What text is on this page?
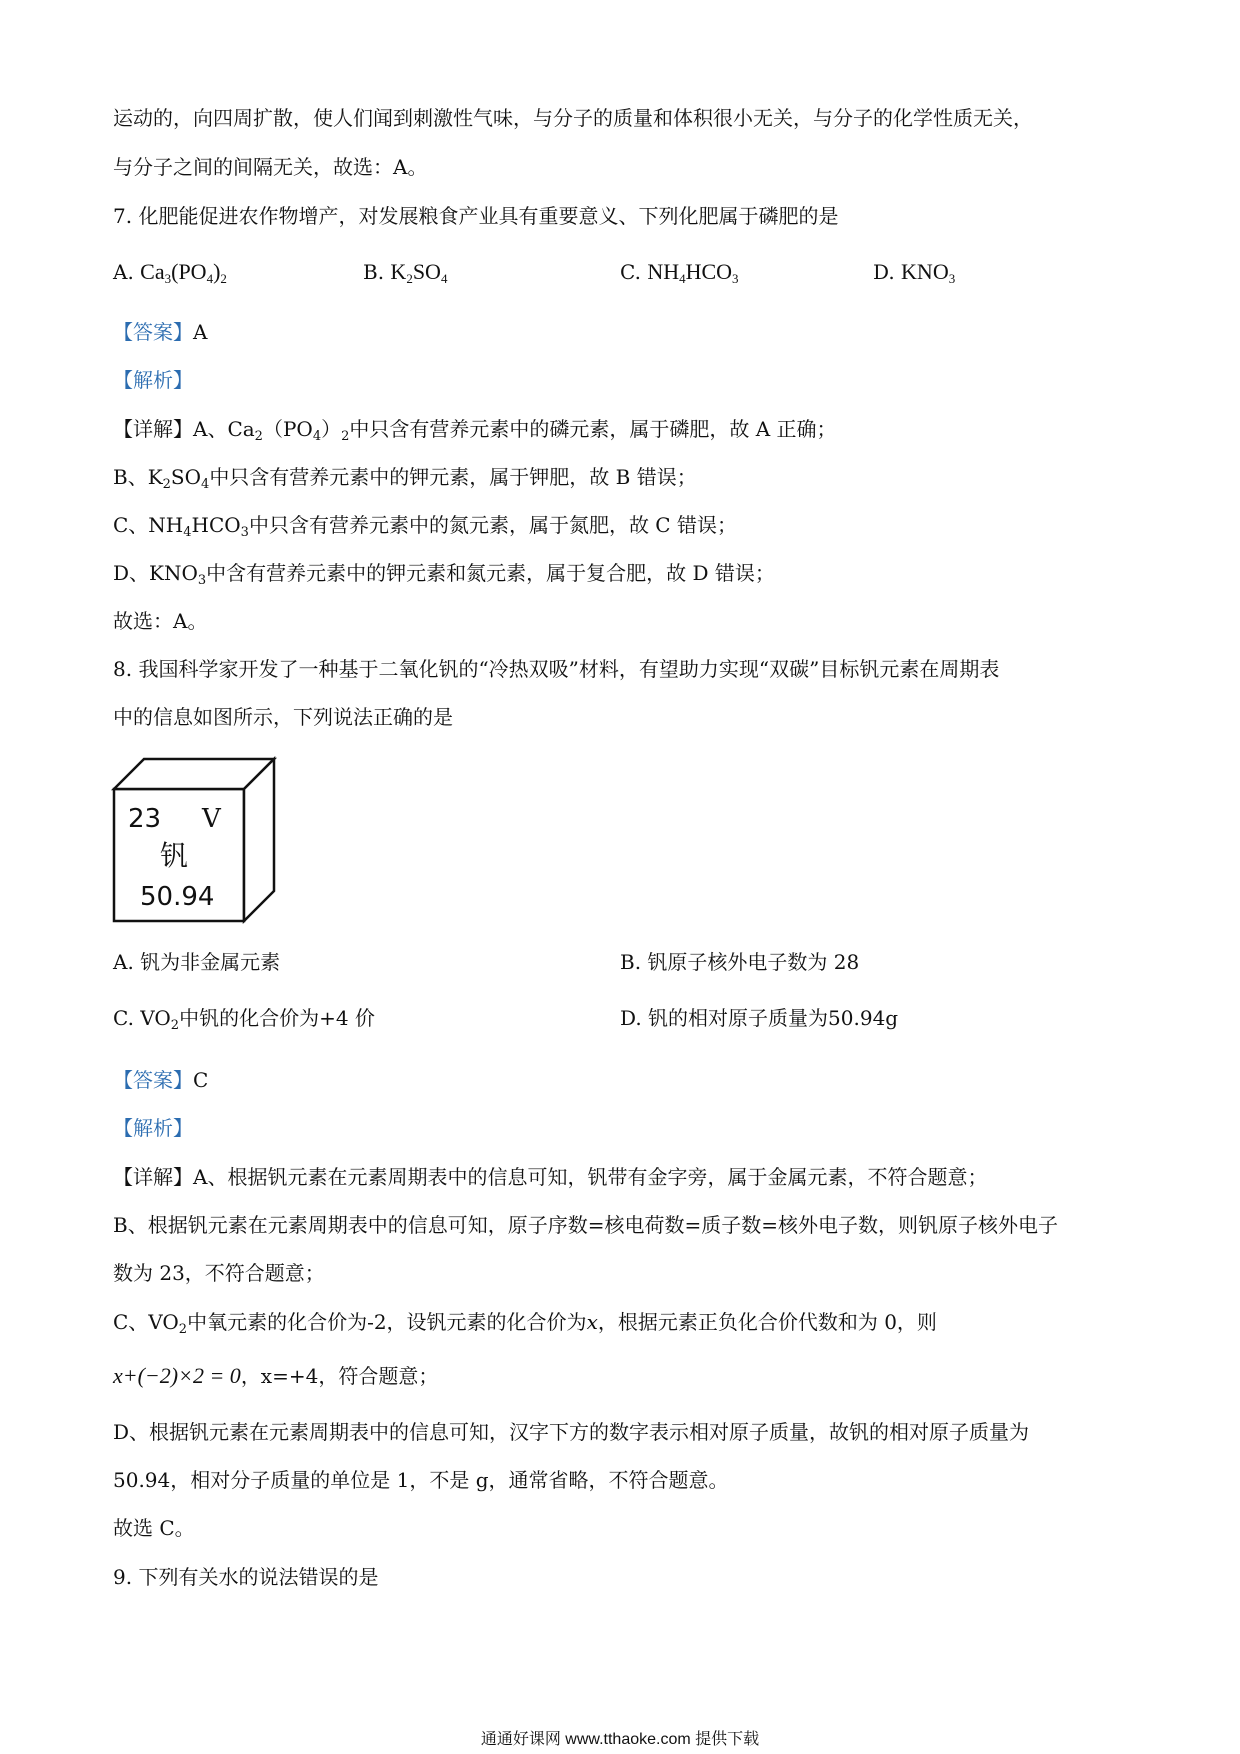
运动的，向四周扩散，使人们闻到刺激性气味，与分子的质量和体积很小无关，与分子的化学性质无关，
与分子之间的间隔无关，故选：A。
7. 化肥能促进农作物增产，对发展粮食产业具有重要意义、下列化肥属于磷肥的是
A. $Ca_3(PO_4)_2$	B. $K_2SO_4$	C. $NH_4HCO_3$	D. $KNO_3$
【答案】A
【解析】
【详解】A、$Ca_2(PO_4)_2$中只含有营养元素中的磷元素，属于磷肥，故 A 正确；
B、$K_2SO_4$中只含有营养元素中的钾元素，属于钾肥，故 B 错误；
C、$NH_4HCO_3$中只含有营养元素中的氮元素，属于氮肥，故 C 错误；
D、$KNO_3$中含有营养元素中的钾元素和氮元素，属于复合肥，故 D 错误；
故选：A。
8. 我国科学家开发了一种基于二氧化钒的“冷热双吸”材料，有望助力实现“双碳”目标钒元素在周期表
中的信息如图所示，下列说法正确的是
23 V
钒
50.94
A. 钒为非金属元素	B. 钒原子核外电子数为 28
C. $VO_2$中钒的化合价为+4 价	D. 钒的相对原子质量为50.94g
【答案】C
【解析】
【详解】A、根据钒元素在元素周期表中的信息可知，钒带有金字旁，属于金属元素，不符合题意；
B、根据钒元素在元素周期表中的信息可知，原子序数=核电荷数=质子数=核外电子数，则钒原子核外电子
数为 23，不符合题意；
C、$VO_2$中氧元素的化合价为-2，设钒元素的化合价为x，根据元素正负化合价代数和为 0，则
x+(−2)×2 = 0，x=+4，符合题意；
D、根据钒元素在元素周期表中的信息可知，汉字下方的数字表示相对原子质量，故钒的相对原子质量为
50.94，相对分子质量的单位是 1，不是 g，通常省略，不符合题意。
故选 C。
9. 下列有关水的说法错误的是
通通好课网 www.tthaoke.com 提供下载
